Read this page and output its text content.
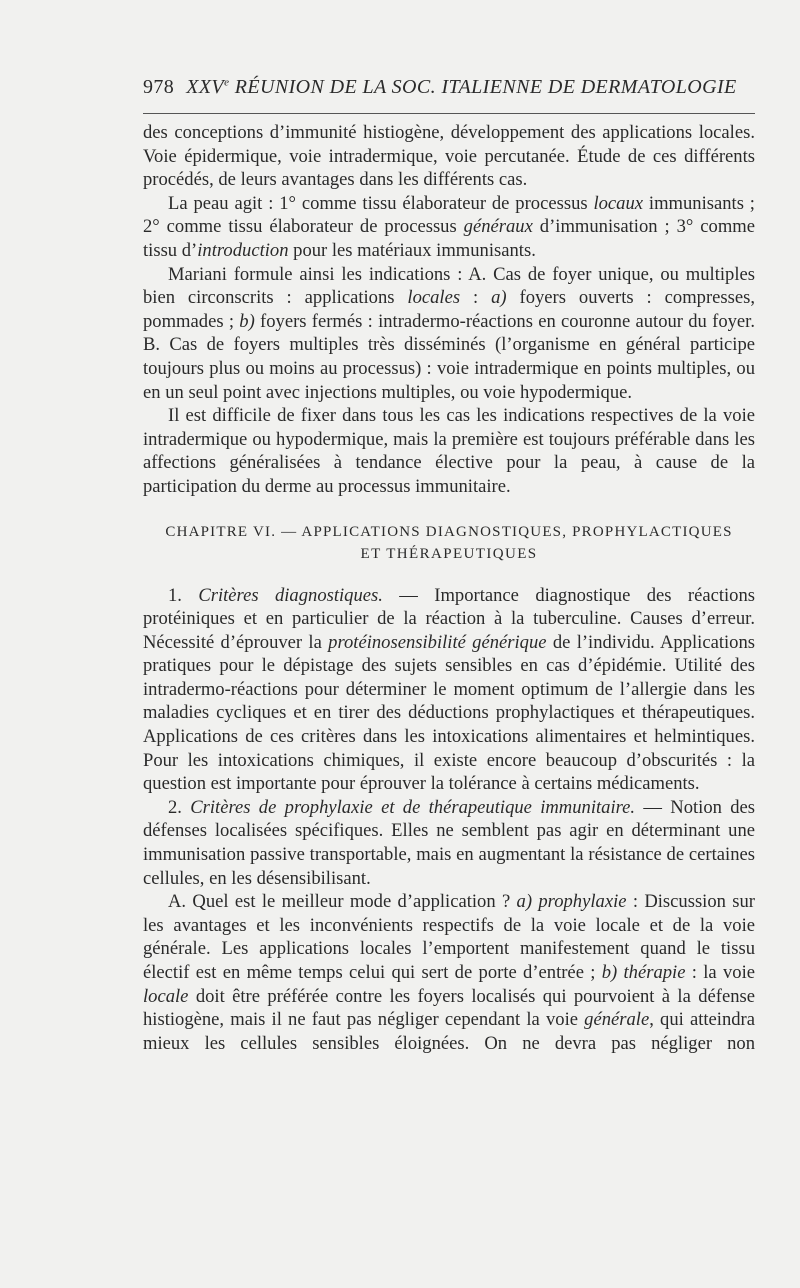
978 XXVe RÉUNION DE LA SOC. ITALIENNE DE DERMATOLOGIE

des conceptions d’immunité histiogène, développement des applications locales. Voie épidermique, voie intradermique, voie percutanée. Étude de ces différents procédés, de leurs avantages dans les différents cas.

La peau agit : 1° comme tissu élaborateur de processus locaux immunisants ; 2° comme tissu élaborateur de processus généraux d’immunisation ; 3° comme tissu d’introduction pour les matériaux immunisants.

Mariani formule ainsi les indications : A. Cas de foyer unique, ou multiples bien circonscrits : applications locales : a) foyers ouverts : compresses, pommades ; b) foyers fermés : intradermo-réactions en couronne autour du foyer. B. Cas de foyers multiples très disséminés (l’organisme en général participe toujours plus ou moins au processus) : voie intradermique en points multiples, ou en un seul point avec injections multiples, ou voie hypodermique.

Il est difficile de fixer dans tous les cas les indications respectives de la voie intradermique ou hypodermique, mais la première est toujours préférable dans les affections généralisées à tendance élective pour la peau, à cause de la participation du derme au processus immunitaire.

CHAPITRE VI. — APPLICATIONS DIAGNOSTIQUES, PROPHYLACTIQUES
ET THÉRAPEUTIQUES

1. Critères diagnostiques. — Importance diagnostique des réactions protéiniques et en particulier de la réaction à la tuberculine. Causes d’erreur. Nécessité d’éprouver la protéinosensibilité générique de l’individu. Applications pratiques pour le dépistage des sujets sensibles en cas d’épidémie. Utilité des intradermo-réactions pour déterminer le moment optimum de l’allergie dans les maladies cycliques et en tirer des déductions prophylactiques et thérapeutiques. Applications de ces critères dans les intoxications alimentaires et helmintiques. Pour les intoxications chimiques, il existe encore beaucoup d’obscurités : la question est importante pour éprouver la tolérance à certains médicaments.

2. Critères de prophylaxie et de thérapeutique immunitaire. — Notion des défenses localisées spécifiques. Elles ne semblent pas agir en déterminant une immunisation passive transportable, mais en augmentant la résistance de certaines cellules, en les désensibilisant.

A. Quel est le meilleur mode d’application ? a) prophylaxie : Discussion sur les avantages et les inconvénients respectifs de la voie locale et de la voie générale. Les applications locales l’emportent manifestement quand le tissu électif est en même temps celui qui sert de porte d’entrée ; b) thérapie : la voie locale doit être préférée contre les foyers localisés qui pourvoient à la défense histiogène, mais il ne faut pas négliger cependant la voie générale, qui atteindra mieux les cellules sensibles éloignées. On ne devra pas négliger non
